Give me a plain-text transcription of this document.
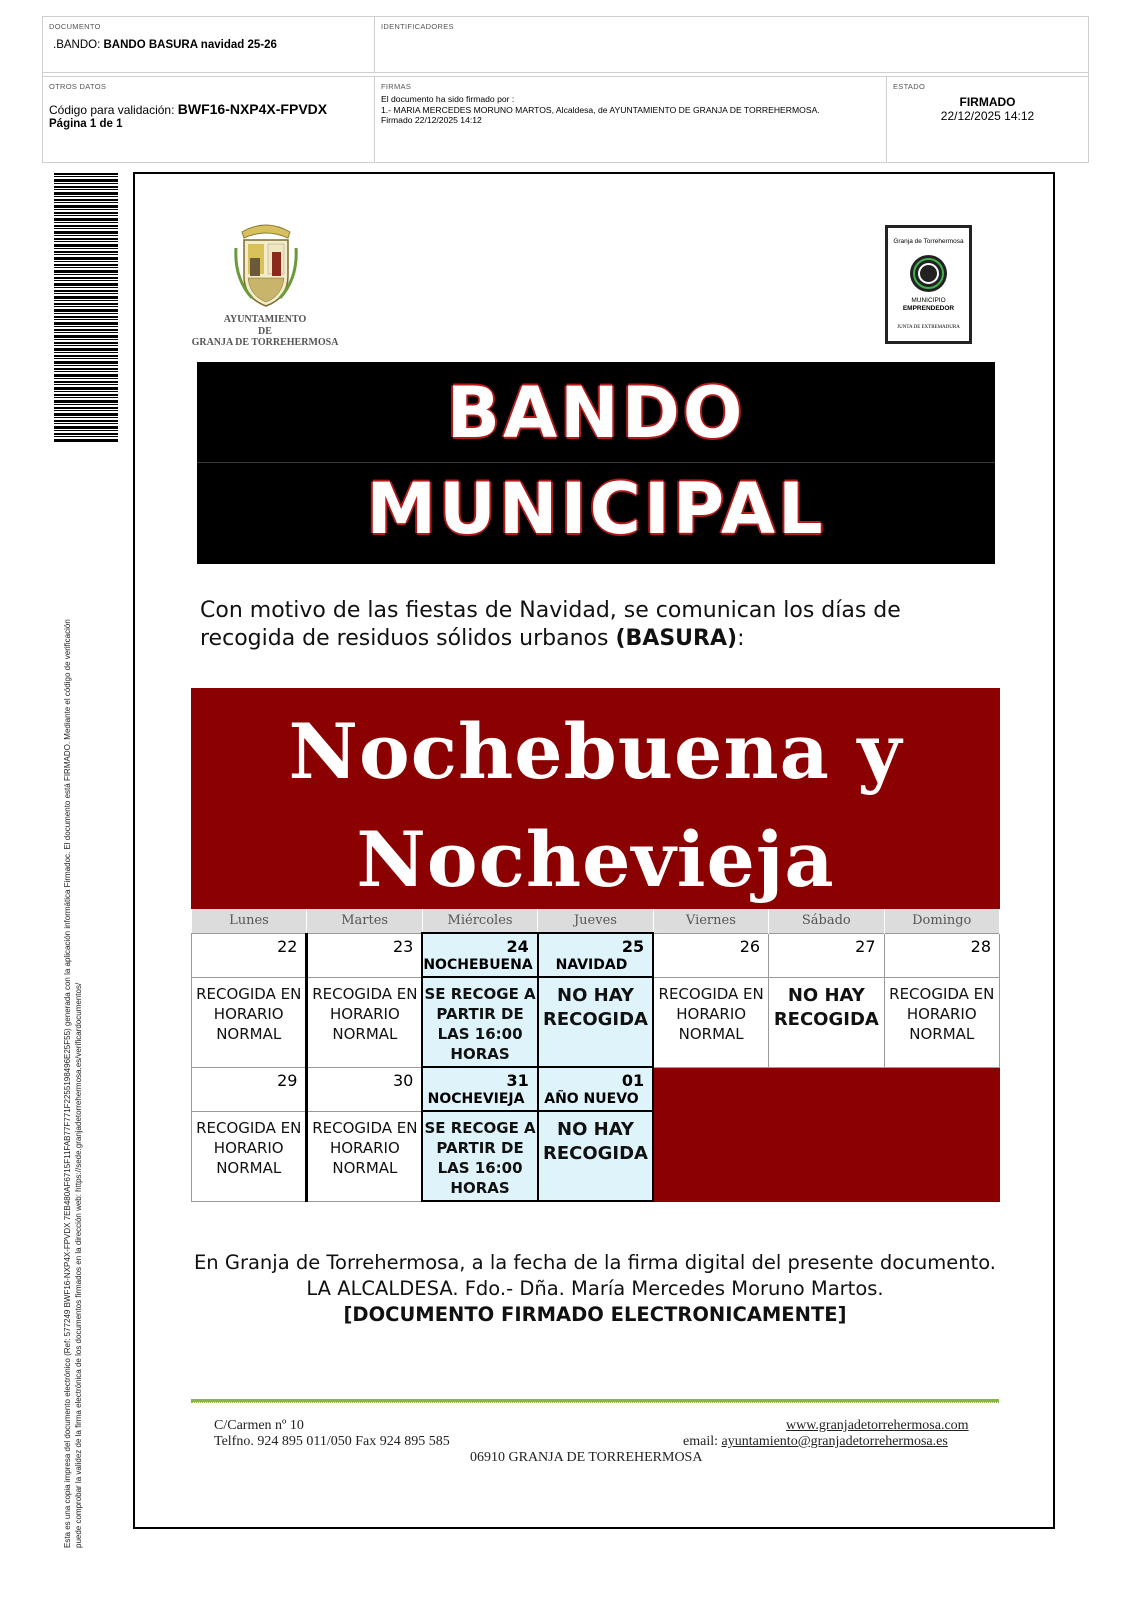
DOCUMENTO
.BANDO: BANDO BASURA navidad 25-26
IDENTIFICADORES
OTROS DATOS
Código para validación: BWF16-NXP4X-FPVDX
Página 1 de 1
FIRMAS
El documento ha sido firmado por :
1.- MARIA MERCEDES MORUNO MARTOS, Alcaldesa, de AYUNTAMIENTO DE GRANJA DE TORREHERMOSA.
Firmado 22/12/2025 14:12
ESTADO
FIRMADO
22/12/2025 14:12
Esta es una copia impresa del documento electrónico (Ref: 577249 BWF16-NXP4X-FPVDX 7EB480AF6715F11FAB77F771F2255198496E25F55) generada con la aplicación informática Firmadoc. El documento está FIRMADO. Mediante el código de verificación puede comprobar la validez de la firma electrónica de los documentos firmados en la dirección web: https://sede.granjadetorrehermosa.es/verificardocumentos/
AYUNTAMIENTO
DE
GRANJA DE TORREHERMOSA
Granja de Torrehermosa
MUNICIPIO
EMPRENDEDOR
JUNTA DE EXTREMADURA
BANDO
MUNICIPAL
Con motivo de las fiestas de Navidad, se comunican los días de recogida de residuos sólidos urbanos (BASURA):
Nochebuena y
Nochevieja
Lunes	Martes	Miércoles	Jueves	Viernes	Sábado	Domingo
22	23	24
NOCHEBUENA	25
NAVIDAD	26	27	28
RECOGIDA EN HORARIO NORMAL	RECOGIDA EN HORARIO NORMAL	SE RECOGE A PARTIR DE LAS 16:00 HORAS	NO HAY RECOGIDA	RECOGIDA EN HORARIO NORMAL	NO HAY RECOGIDA	RECOGIDA EN HORARIO NORMAL
29	30	31
NOCHEVIEJA	01
AÑO NUEVO			

RECOGIDA EN HORARIO NORMAL	RECOGIDA EN HORARIO NORMAL	SE RECOGE A PARTIR DE LAS 16:00 HORAS	NO HAY RECOGIDA			
En Granja de Torrehermosa, a la fecha de la firma digital del presente documento.
LA ALCALDESA. Fdo.- Dña. María Mercedes Moruno Martos.
[DOCUMENTO FIRMADO ELECTRONICAMENTE]
C/Carmen nº 10
Telfno. 924 895 011/050 Fax 924 895 585
06910 GRANJA DE TORREHERMOSA
www.granjadetorrehermosa.com
email: ayuntamiento@granjadetorrehermosa.es
